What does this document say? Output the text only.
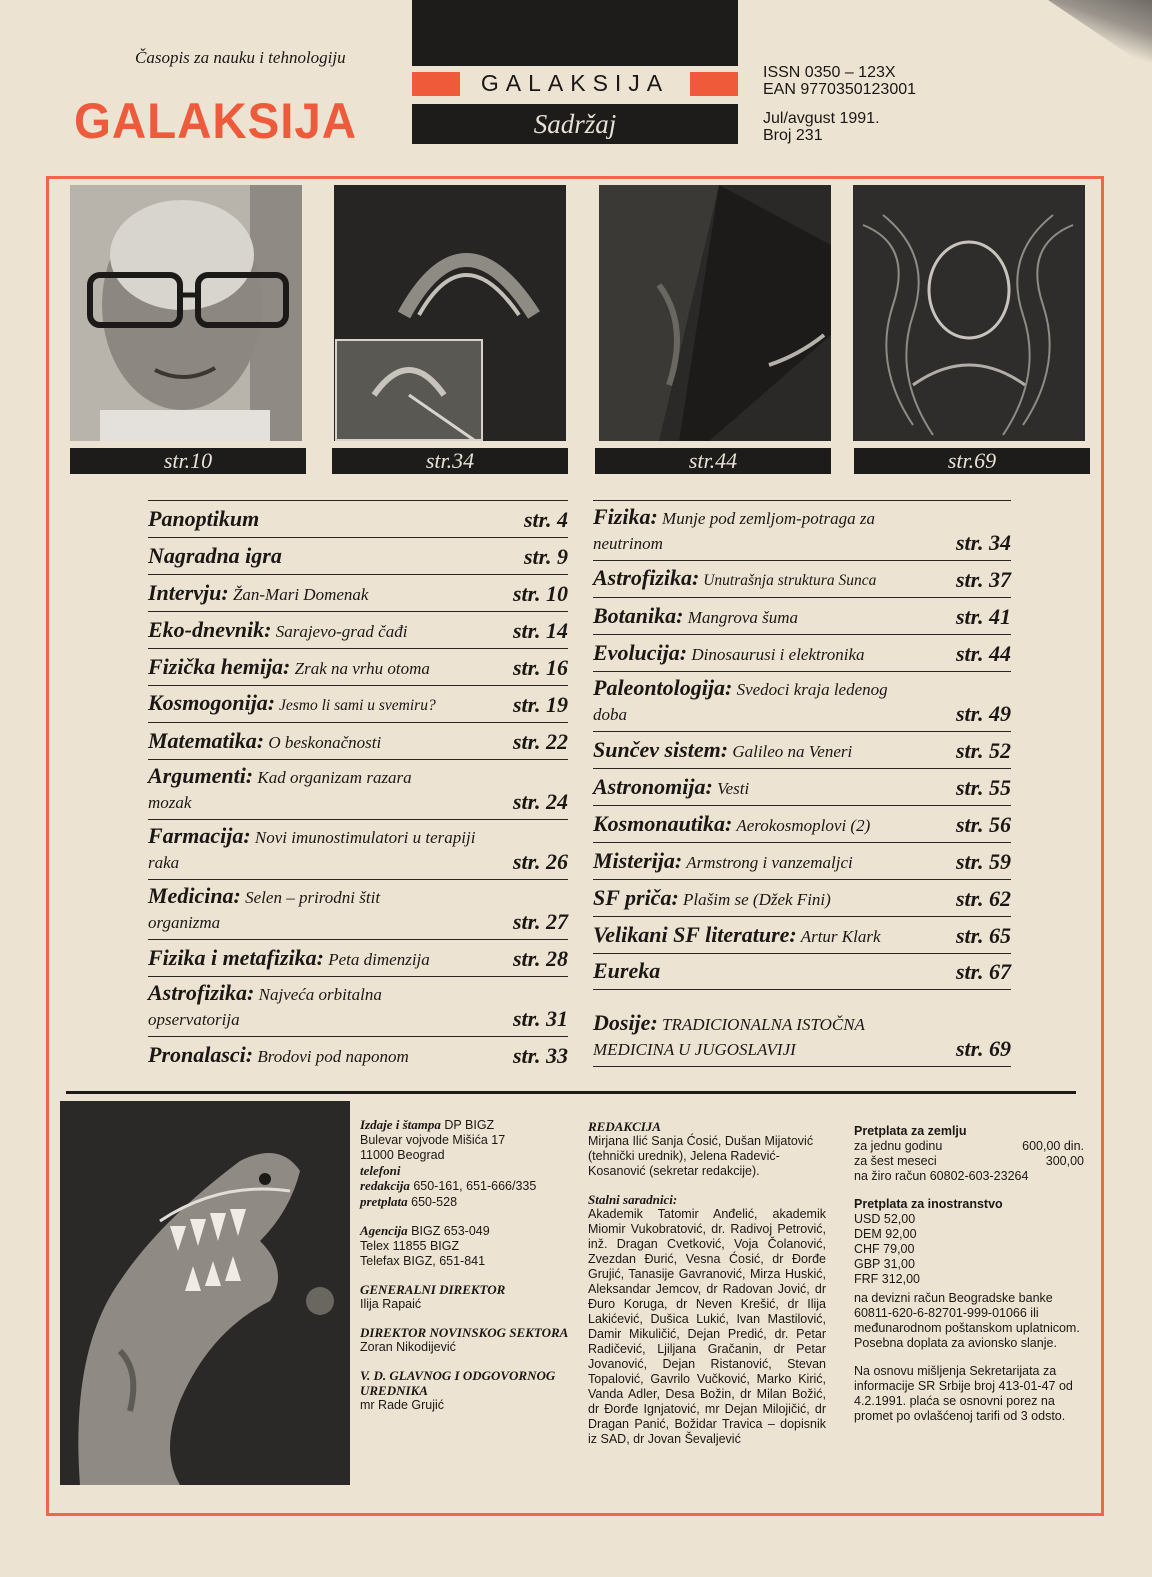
Časopis za nauku i tehnologiju
GALAKSIJA
GALAKSIJA
Sadržaj
ISSN 0350 – 123X
EAN 9770350123001
Jul/avgust 1991.
Broj 231
str.10	str.34	str.44	str.69
Panoptikum	str. 4
Nagradna igra	str. 9
Intervju: Žan-Mari Domenak	str. 10
Eko-dnevnik: Sarajevo-grad čađi	str. 14
Fizička hemija: Zrak na vrhu otoma	str. 16
Kosmogonija: Jesmo li sami u svemiru?	str. 19
Matematika: O beskonačnosti	str. 22
Argumenti: Kad organizam razara mozak	str. 24
Farmacija: Novi imunostimulatori u terapiji raka	str. 26
Medicina: Selen – prirodni štit organizma	str. 27
Fizika i metafizika: Peta dimenzija	str. 28
Astrofizika: Najveća orbitalna opservatorija	str. 31
Pronalasci: Brodovi pod naponom	str. 33
Fizika: Munje pod zemljom-potraga za neutrinom	str. 34
Astrofizika: Unutrašnja struktura Sunca	str. 37
Botanika: Mangrova šuma	str. 41
Evolucija: Dinosaurusi i elektronika	str. 44
Paleontologija: Svedoci kraja ledenog doba	str. 49
Sunčev sistem: Galileo na Veneri	str. 52
Astronomija: Vesti	str. 55
Kosmonautika: Aerokosmoplovi (2)	str. 56
Misterija: Armstrong i vanzemaljci	str. 59
SF priča: Plašim se (Džek Fini)	str. 62
Velikani SF literature: Artur Klark	str. 65
Eureka	str. 67
Dosije: TRADICIONALNA ISTOČNA MEDICINA U JUGOSLAVIJI	str. 69
Izdaje i štampa DP BIGZ
Bulevar vojvode Mišića 17
11000 Beograd
telefoni
redakcija 650-161, 651-666/335
pretplata 650-528
Agencija BIGZ 653-049
Telex 11855 BIGZ
Telefax BIGZ, 651-841
GENERALNI DIREKTOR
Ilija Rapaić
DIREKTOR NOVINSKOG SEKTORA
Zoran Nikodijević
V. D. GLAVNOG I ODGOVORNOG UREDNIKA
mr Rade Grujić
REDAKCIJA
Mirjana Ilić Sanja Ćosić, Dušan Mijatović (tehnički urednik), Jelena Radević-Kosanović (sekretar redakcije).
Stalni saradnici:
Akademik Tatomir Anđelić, akademik Miomir Vukobratović, dr. Radivoj Petrović, inž. Dragan Cvetković, Voja Čolanović, Zvezdan Đurić, Vesna Ćosić, dr Đorđe Grujić, Tanasije Gavranović, Mirza Huskić, Aleksandar Jemcov, dr Radovan Jović, dr Đuro Koruga, dr Neven Krešić, dr Ilija Lakićević, Dušica Lukić, Ivan Mastilović, Damir Mikuličić, Dejan Predić, dr. Petar Radičević, Ljiljana Gračanin, dr Petar Jovanović, Dejan Ristanović, Stevan Topalović, Gavrilo Vučković, Marko Kirić, Vanda Adler, Desa Božin, dr Milan Božić, dr Đorđe Ignjatović, mr Dejan Milojičić, dr Dragan Panić, Božidar Travica – dopisnik iz SAD, dr Jovan Ševaljević
Pretplata za zemlju
za jednu godinu	600,00 din.
za šest meseci	300,00
na žiro račun 60802-603-23264
Pretplata za inostranstvo
USD 52,00
DEM 92,00
CHF 79,00
GBP 31,00
FRF 312,00
na devizni račun Beogradske banke 60811-620-6-82701-999-01066 ili međunarodnom poštanskom uplatnicom.
Posebna doplata za avionsko slanje.
Na osnovu mišljenja Sekretarijata za informacije SR Srbije broj 413-01-47 od 4.2.1991. plaća se osnovni porez na promet po ovlašćenoj tarifi od 3 odsto.
